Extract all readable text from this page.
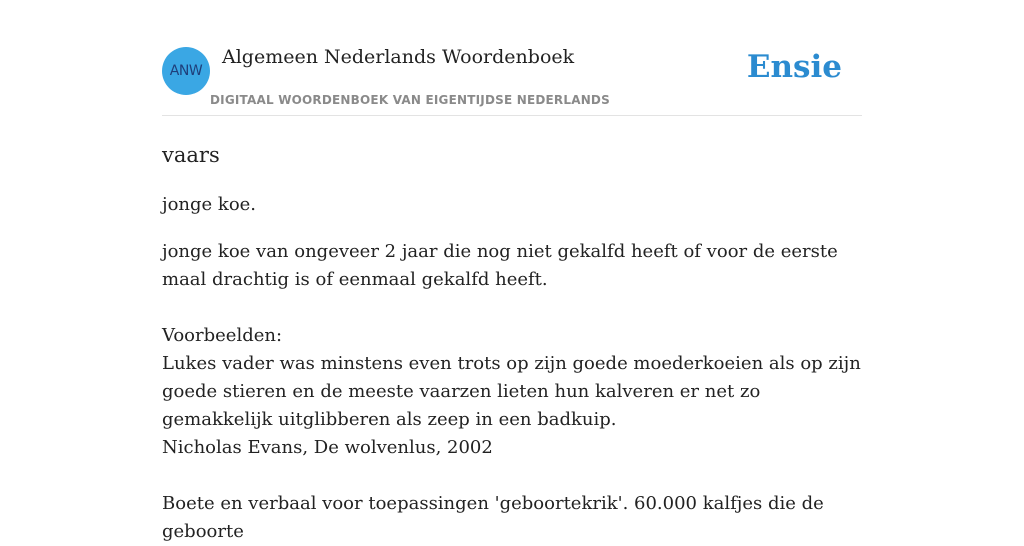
ANW
Algemeen Nederlands Woordenboek
DIGITAAL WOORDENBOEK VAN EIGENTIJDSE NEDERLANDS
Ensie
vaars

jonge koe.

jonge koe van ongeveer 2 jaar die nog niet gekalfd heeft of voor de eerste maal drachtig is of eenmaal gekalfd heeft.

Voorbeelden:

Lukes vader was minstens even trots op zijn goede moederkoeien als op zijn goede stieren en de meeste vaarzen lieten hun kalveren er net zo gemakkelijk uitglibberen als zeep in een badkuip.

Nicholas Evans, De wolvenlus, 2002

Boete en verbaal voor toepassingen 'geboortekrik'. 60.000 kalfjes die de geboorte
